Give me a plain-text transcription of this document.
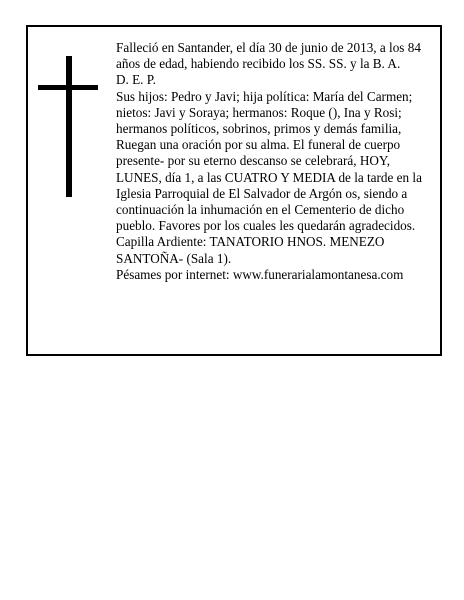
Falleció en Santander, el día 30 de junio de 2013, a los 84 años de edad, habiendo recibido los SS. SS. y la B. A.

D. E. P.

Sus hijos: Pedro y Javi; hija política: María del Carmen; nietos: Javi y Soraya; hermanos: Roque (), Ina y Rosi; hermanos políticos, sobrinos, primos y demás familia, Ruegan una oración por su alma. El funeral de cuerpo presente- por su eterno descanso se celebrará, HOY, LUNES, día 1, a las CUATRO Y MEDIA de la tarde en la Iglesia Parroquial de El Salvador de Argón os, siendo a continuación la inhumación en el Cementerio de dicho pueblo. Favores por los cuales les quedarán agradecidos. Capilla Ardiente: TANATORIO HNOS. MENEZO SANTOÑA- (Sala 1).

Pésames por internet: www.funerarialamontanesa.com
